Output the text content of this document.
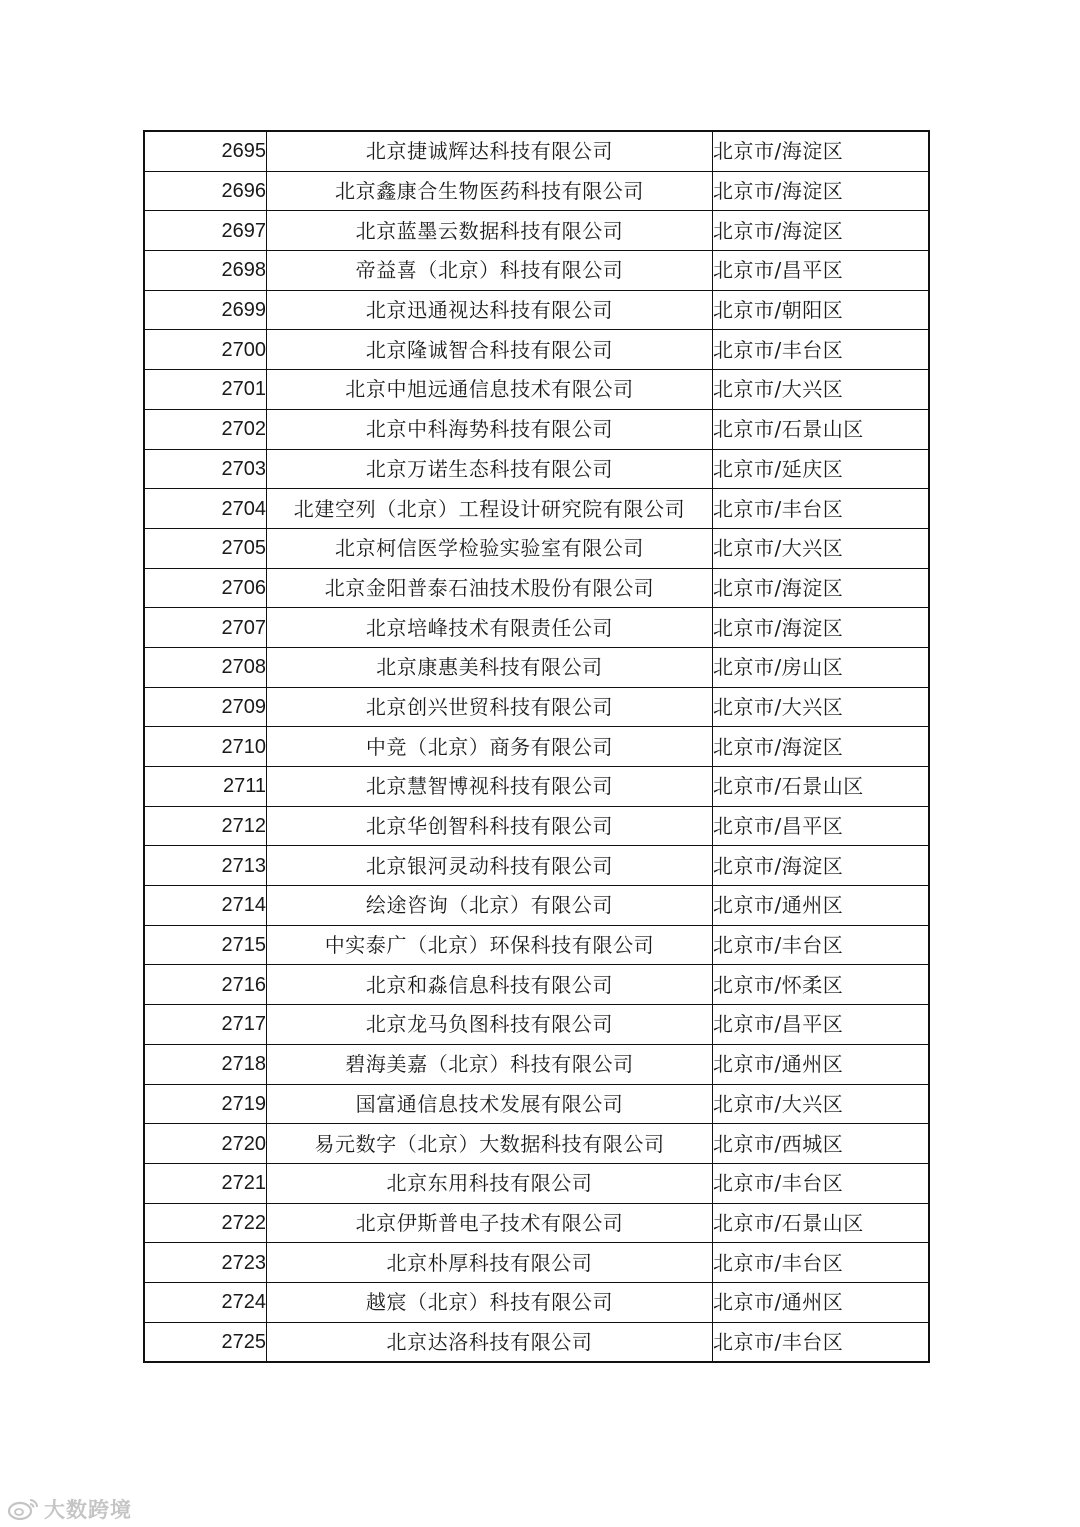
2695	北京捷诚辉达科技有限公司	北京市/海淀区
2696	北京鑫康合生物医药科技有限公司	北京市/海淀区
2697	北京蓝墨云数据科技有限公司	北京市/海淀区
2698	帝益喜（北京）科技有限公司	北京市/昌平区
2699	北京迅通视达科技有限公司	北京市/朝阳区
2700	北京隆诚智合科技有限公司	北京市/丰台区
2701	北京中旭远通信息技术有限公司	北京市/大兴区
2702	北京中科海势科技有限公司	北京市/石景山区
2703	北京万诺生态科技有限公司	北京市/延庆区
2704	北建空列（北京）工程设计研究院有限公司	北京市/丰台区
2705	北京柯信医学检验实验室有限公司	北京市/大兴区
2706	北京金阳普泰石油技术股份有限公司	北京市/海淀区
2707	北京培峰技术有限责任公司	北京市/海淀区
2708	北京康惠美科技有限公司	北京市/房山区
2709	北京创兴世贸科技有限公司	北京市/大兴区
2710	中竞（北京）商务有限公司	北京市/海淀区
2711	北京慧智博视科技有限公司	北京市/石景山区
2712	北京华创智科科技有限公司	北京市/昌平区
2713	北京银河灵动科技有限公司	北京市/海淀区
2714	绘途咨询（北京）有限公司	北京市/通州区
2715	中实泰广（北京）环保科技有限公司	北京市/丰台区
2716	北京和淼信息科技有限公司	北京市/怀柔区
2717	北京龙马负图科技有限公司	北京市/昌平区
2718	碧海美嘉（北京）科技有限公司	北京市/通州区
2719	国富通信息技术发展有限公司	北京市/大兴区
2720	易元数字（北京）大数据科技有限公司	北京市/西城区
2721	北京东用科技有限公司	北京市/丰台区
2722	北京伊斯普电子技术有限公司	北京市/石景山区
2723	北京朴厚科技有限公司	北京市/丰台区
2724	越宸（北京）科技有限公司	北京市/通州区
2725	北京达洛科技有限公司	北京市/丰台区
大数跨境
